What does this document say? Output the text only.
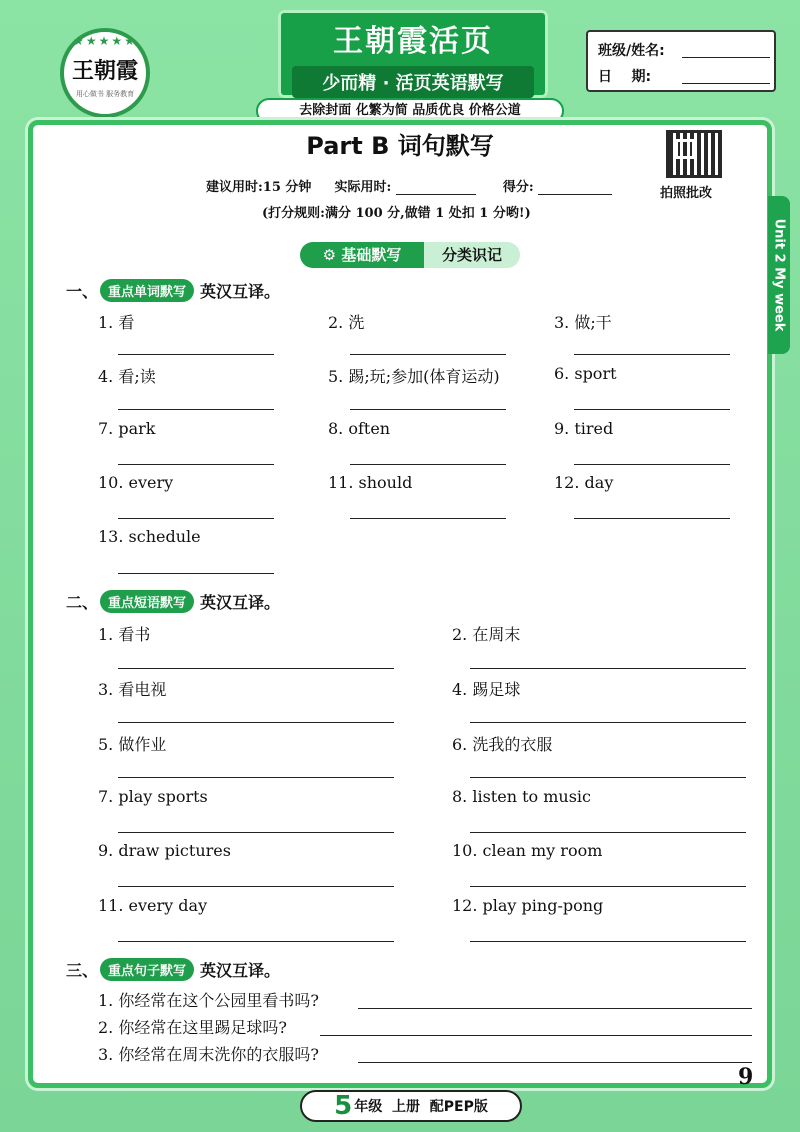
★★★★★
王朝霞
用心做书 服务教育
王朝霞活页
少而精 · 活页英语默写
去除封面 化繁为简 品质优良 价格公道
班级/姓名:
日    期:
Unit 2 My week
Part B 词句默写
拍照批改
建议用时:15 分钟 实际用时:	得分:
(打分规则:满分 100 分,做错 1 处扣 1 分哟!)
⚙ 基础默写	分类识记
一、 重点单词默写 英汉互译。
1. 看	2. 洗	3. 做;干
4. 看;读	5. 踢;玩;参加(体育运动)	6. sport
7. park	8. often	9. tired
10. every	11. should	12. day
13. schedule
二、 重点短语默写 英汉互译。
1. 看书	2. 在周末
3. 看电视	4. 踢足球
5. 做作业	6. 洗我的衣服
7. play sports	8. listen to music
9. draw pictures	10. clean my room
11. every day	12. play ping-pong
三、 重点句子默写 英汉互译。
1. 你经常在这个公园里看书吗?
2. 你经常在这里踢足球吗?
3. 你经常在周末洗你的衣服吗?
9
5 年级  上册  配PEP版
